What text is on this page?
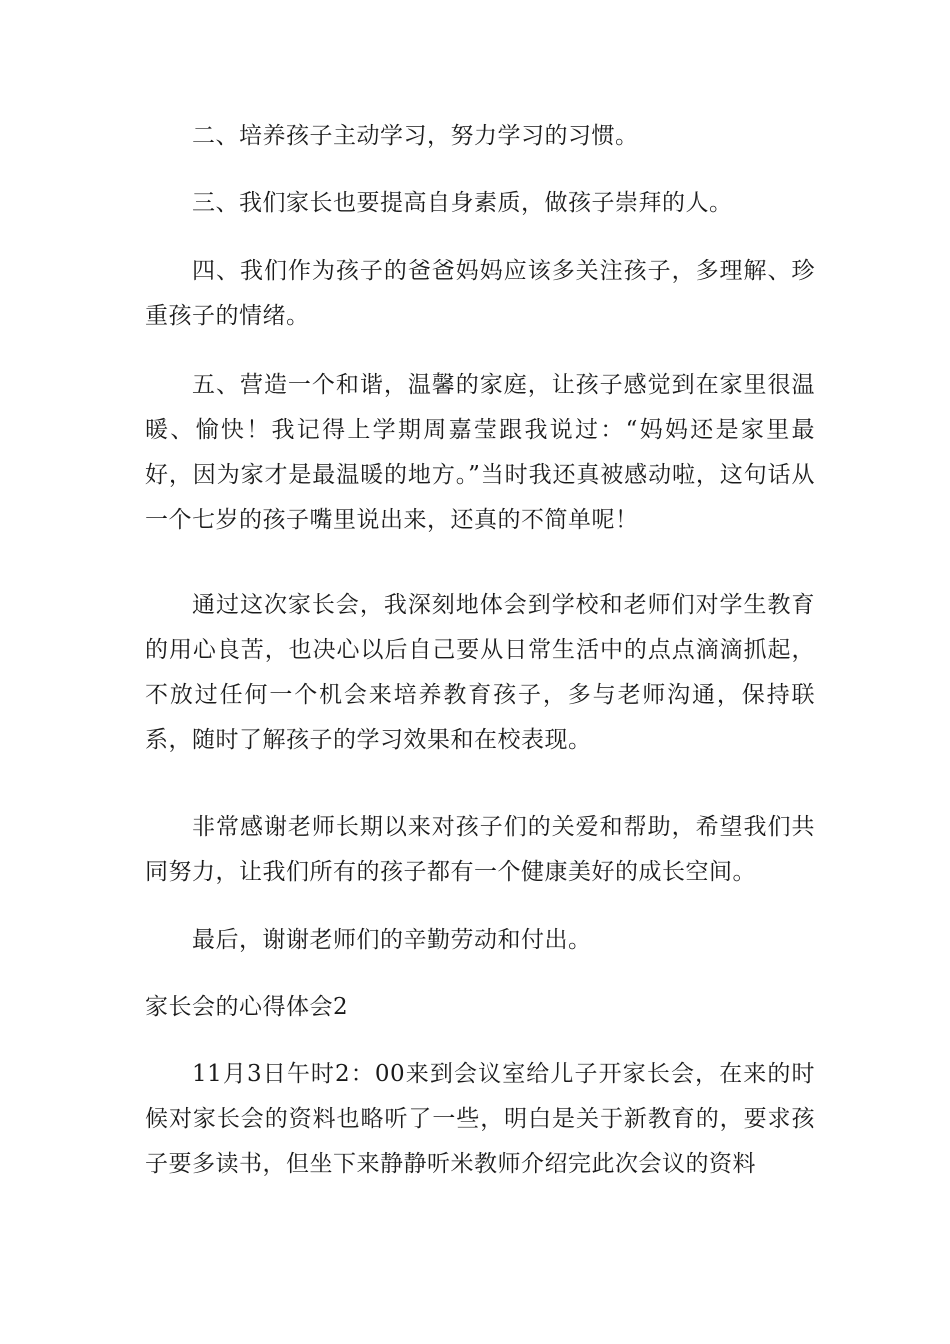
二、培养孩子主动学习，努力学习的习惯。

三、我们家长也要提高自身素质，做孩子崇拜的人。

四、我们作为孩子的爸爸妈妈应该多关注孩子，多理解、珍重孩子的情绪。

五、营造一个和谐，温馨的家庭，让孩子感觉到在家里很温暖、愉快！我记得上学期周嘉莹跟我说过：“妈妈还是家里最好，因为家才是最温暖的地方。”当时我还真被感动啦，这句话从一个七岁的孩子嘴里说出来，还真的不简单呢！

通过这次家长会，我深刻地体会到学校和老师们对学生教育的用心良苦，也决心以后自己要从日常生活中的点点滴滴抓起，不放过任何一个机会来培养教育孩子，多与老师沟通，保持联系，随时了解孩子的学习效果和在校表现。

非常感谢老师长期以来对孩子们的关爱和帮助，希望我们共同努力，让我们所有的孩子都有一个健康美好的成长空间。

最后，谢谢老师们的辛勤劳动和付出。

家长会的心得体会2

11月3日午时2：00来到会议室给儿子开家长会，在来的时候对家长会的资料也略听了一些，明白是关于新教育的，要求孩子要多读书，但坐下来静静听米教师介绍完此次会议的资料
